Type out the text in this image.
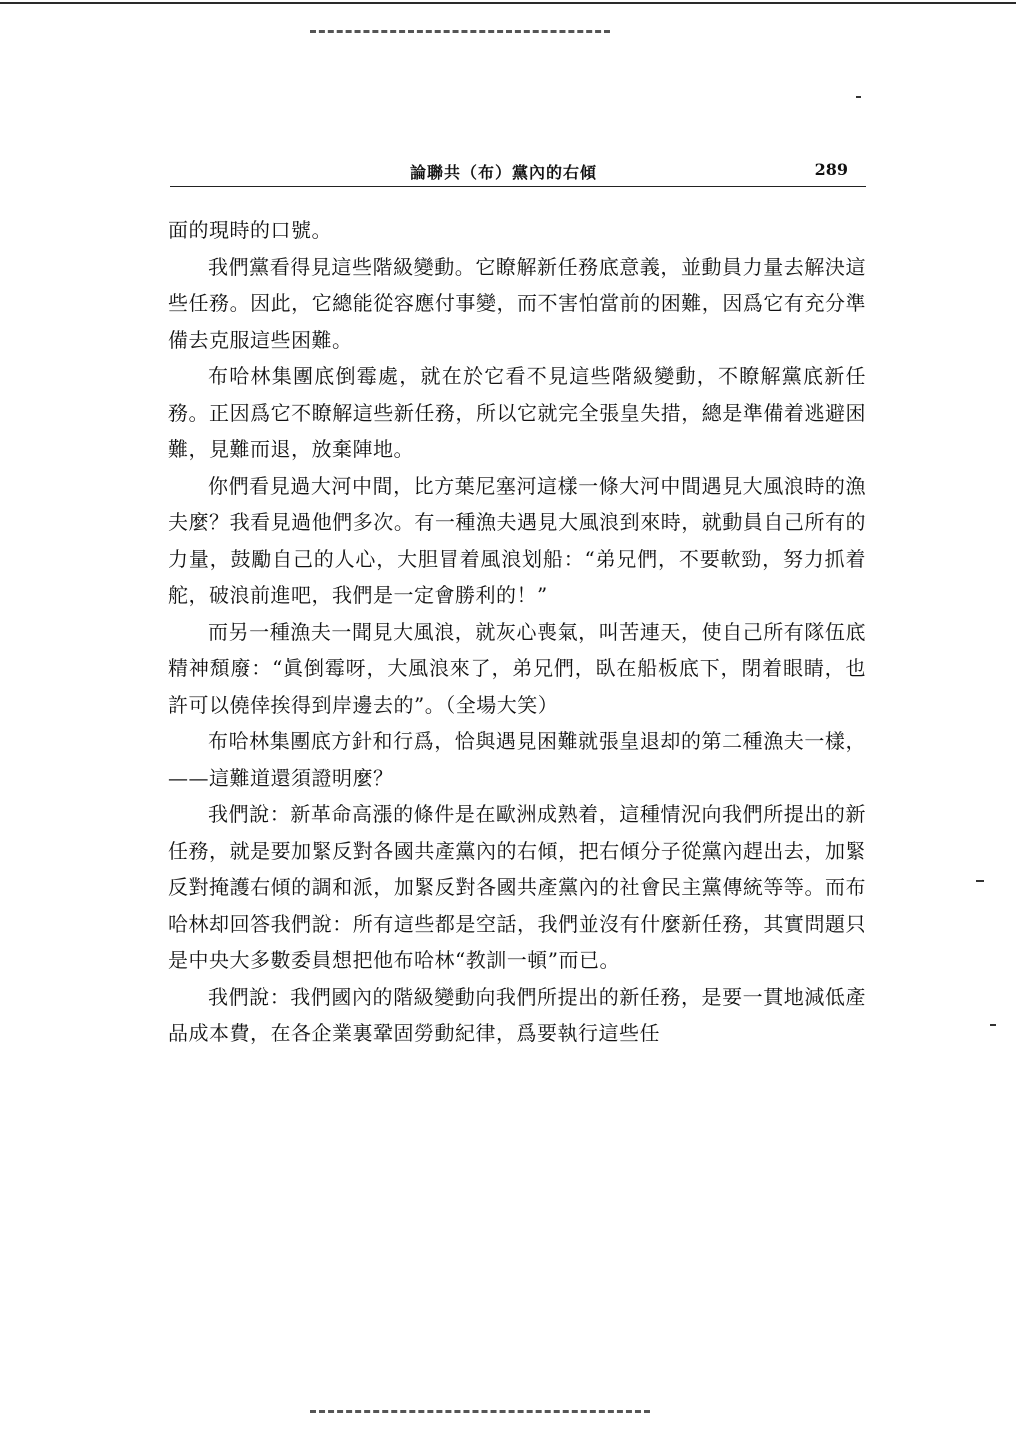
論聯共（布）黨內的右傾	289

面的現時的口號。

我們黨看得見這些階級變動。它瞭解新任務底意義，並動員力量去解決這些任務。因此，它總能從容應付事變，而不害怕當前的困難，因爲它有充分準備去克服這些困難。

布哈林集團底倒霉處，就在於它看不見這些階級變動，不瞭解黨底新任務。正因爲它不瞭解這些新任務，所以它就完全張皇失措，總是準備着逃避困難，見難而退，放棄陣地。

你們看見過大河中間，比方葉尼塞河這樣一條大河中間遇見大風浪時的漁夫麼？我看見過他們多次。有一種漁夫遇見大風浪到來時，就動員自己所有的力量，鼓勵自己的人心，大胆冒着風浪划船：“弟兄們，不要軟勁，努力抓着舵，破浪前進吧，我們是一定會勝利的！”

而另一種漁夫一聞見大風浪，就灰心喪氣，叫苦連天，使自己所有隊伍底精神頹廢：“眞倒霉呀，大風浪來了，弟兄們，臥在船板底下，閉着眼睛，也許可以僥倖挨得到岸邊去的”。（全場大笑）

布哈林集團底方針和行爲，恰與遇見困難就張皇退却的第二種漁夫一樣，——這難道還須證明麼？

我們說：新革命高漲的條件是在歐洲成熟着，這種情況向我們所提出的新任務，就是要加緊反對各國共產黨內的右傾，把右傾分子從黨內趕出去，加緊反對掩護右傾的調和派，加緊反對各國共產黨內的社會民主黨傳統等等。而布哈林却回答我們說：所有這些都是空話，我們並沒有什麼新任務，其實問題只是中央大多數委員想把他布哈林“教訓一頓”而已。

我們說：我們國內的階級變動向我們所提出的新任務，是要一貫地減低產品成本費，在各企業裏鞏固勞動紀律，爲要執行這些任
